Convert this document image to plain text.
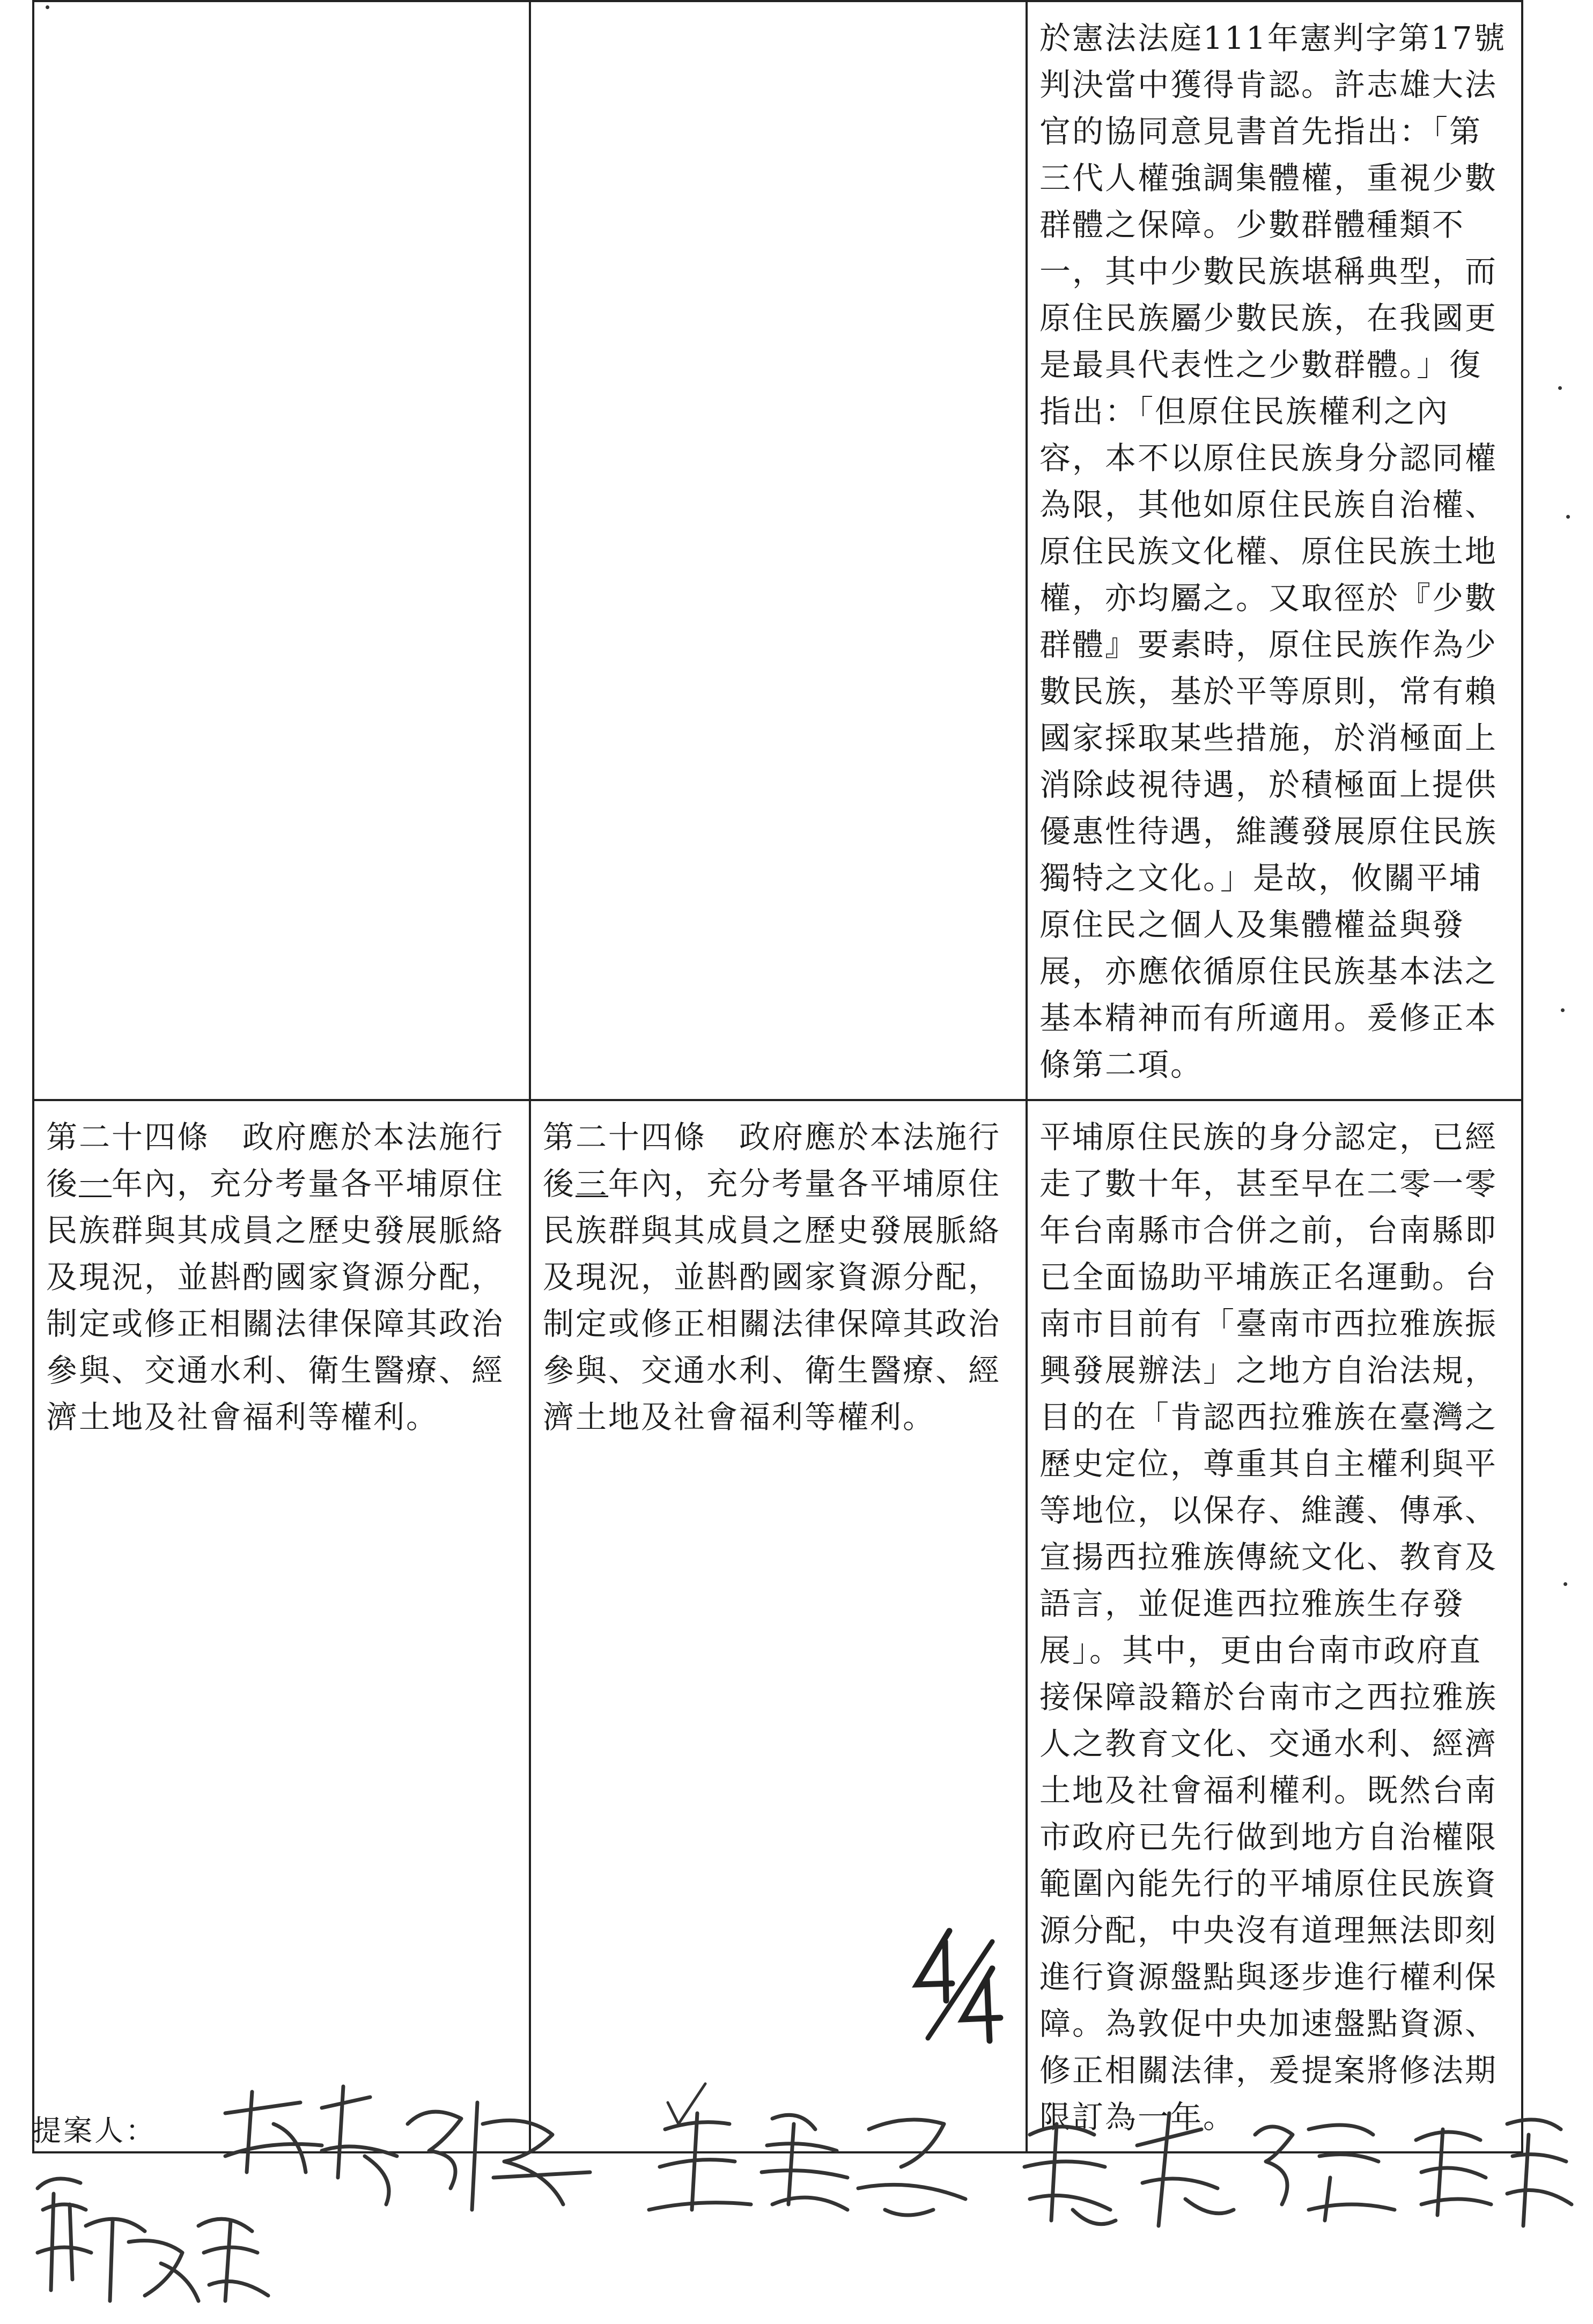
		於憲法法庭111年憲判字第17號判決當中獲得肯認。許志雄大法官的協同意見書首先指出：「第三代人權強調集體權，重視少數群體之保障。少數群體種類不一，其中少數民族堪稱典型，而原住民族屬少數民族，在我國更是最具代表性之少數群體。」復指出：「但原住民族權利之內容，本不以原住民族身分認同權為限，其他如原住民族自治權、原住民族文化權、原住民族土地權，亦均屬之。又取徑於『少數群體』要素時，原住民族作為少數民族，基於平等原則，常有賴國家採取某些措施，於消極面上消除歧視待遇，於積極面上提供優惠性待遇，維護發展原住民族獨特之文化。」是故，攸關平埔原住民之個人及集體權益與發展，亦應依循原住民族基本法之基本精神而有所適用。爰修正本條第二項。
第二十四條　政府應於本法施行後一年內，充分考量各平埔原住民族群與其成員之歷史發展脈絡及現況，並斟酌國家資源分配，制定或修正相關法律保障其政治參與、交通水利、衛生醫療、經濟土地及社會福利等權利。	第二十四條　政府應於本法施行後三年內，充分考量各平埔原住民族群與其成員之歷史發展脈絡及現況，並斟酌國家資源分配，制定或修正相關法律保障其政治參與、交通水利、衛生醫療、經濟土地及社會福利等權利。	平埔原住民族的身分認定，已經走了數十年，甚至早在二零一零年台南縣市合併之前，台南縣即已全面協助平埔族正名運動。台南市目前有「臺南市西拉雅族振興發展辦法」之地方自治法規，目的在「肯認西拉雅族在臺灣之歷史定位，尊重其自主權利與平等地位，以保存、維護、傳承、宣揚西拉雅族傳統文化、教育及語言，並促進西拉雅族生存發展」。其中，更由台南市政府直接保障設籍於台南市之西拉雅族人之教育文化、交通水利、經濟土地及社會福利權利。既然台南市政府已先行做到地方自治權限範圍內能先行的平埔原住民族資源分配，中央沒有道理無法即刻進行資源盤點與逐步進行權利保障。為敦促中央加速盤點資源、修正相關法律，爰提案將修法期限訂為一年。
提案人：
